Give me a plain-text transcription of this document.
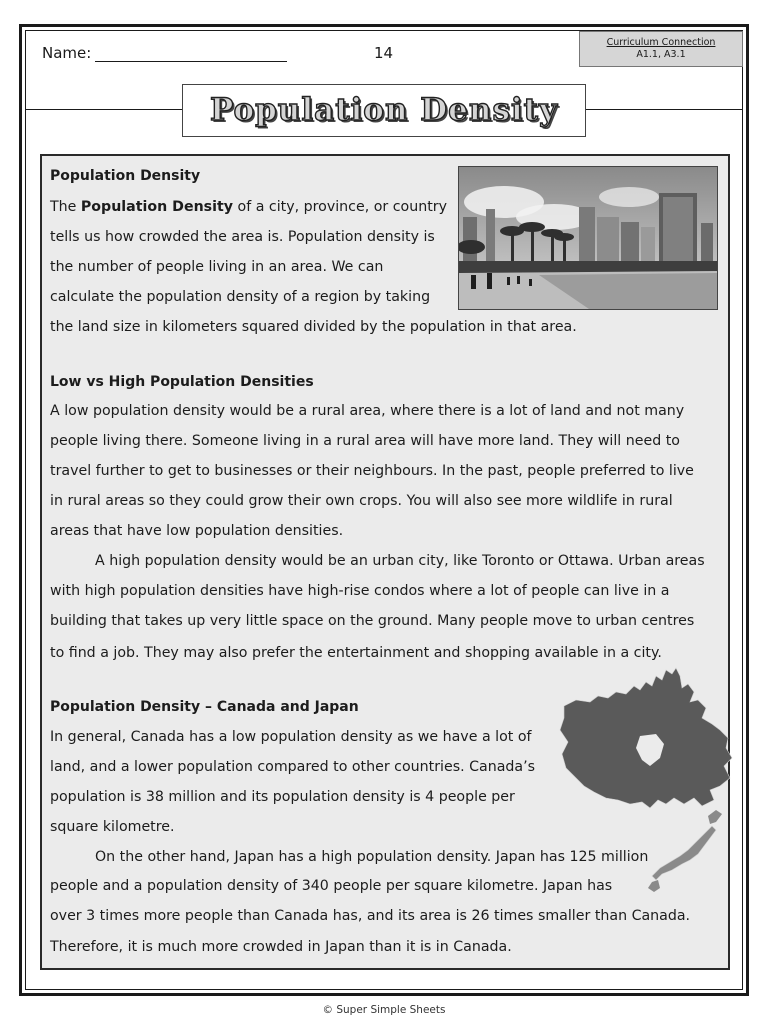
Name:	14
Curriculum Connection
A1.1, A3.1
Population Density
Population Density
The Population Density of a city, province, or country
tells us how crowded the area is. Population density is
the number of people living in an area. We can
calculate the population density of a region by taking
the land size in kilometers squared divided by the population in that area.
Low vs High Population Densities
A low population density would be a rural area, where there is a lot of land and not many
people living there. Someone living in a rural area will have more land. They will need to
travel further to get to businesses or their neighbours. In the past, people preferred to live
in rural areas so they could grow their own crops. You will also see more wildlife in rural
areas that have low population densities.
A high population density would be an urban city, like Toronto or Ottawa. Urban areas
with high population densities have high-rise condos where a lot of people can live in a
building that takes up very little space on the ground. Many people move to urban centres
to find a job. They may also prefer the entertainment and shopping available in a city.
Population Density – Canada and Japan
In general, Canada has a low population density as we have a lot of
land, and a lower population compared to other countries. Canada’s
population is 38 million and its population density is 4 people per
square kilometre.
On the other hand, Japan has a high population density. Japan has 125 million
people and a population density of 340 people per square kilometre. Japan has
over 3 times more people than Canada has, and its area is 26 times smaller than Canada.
Therefore, it is much more crowded in Japan than it is in Canada.
© Super Simple Sheets
